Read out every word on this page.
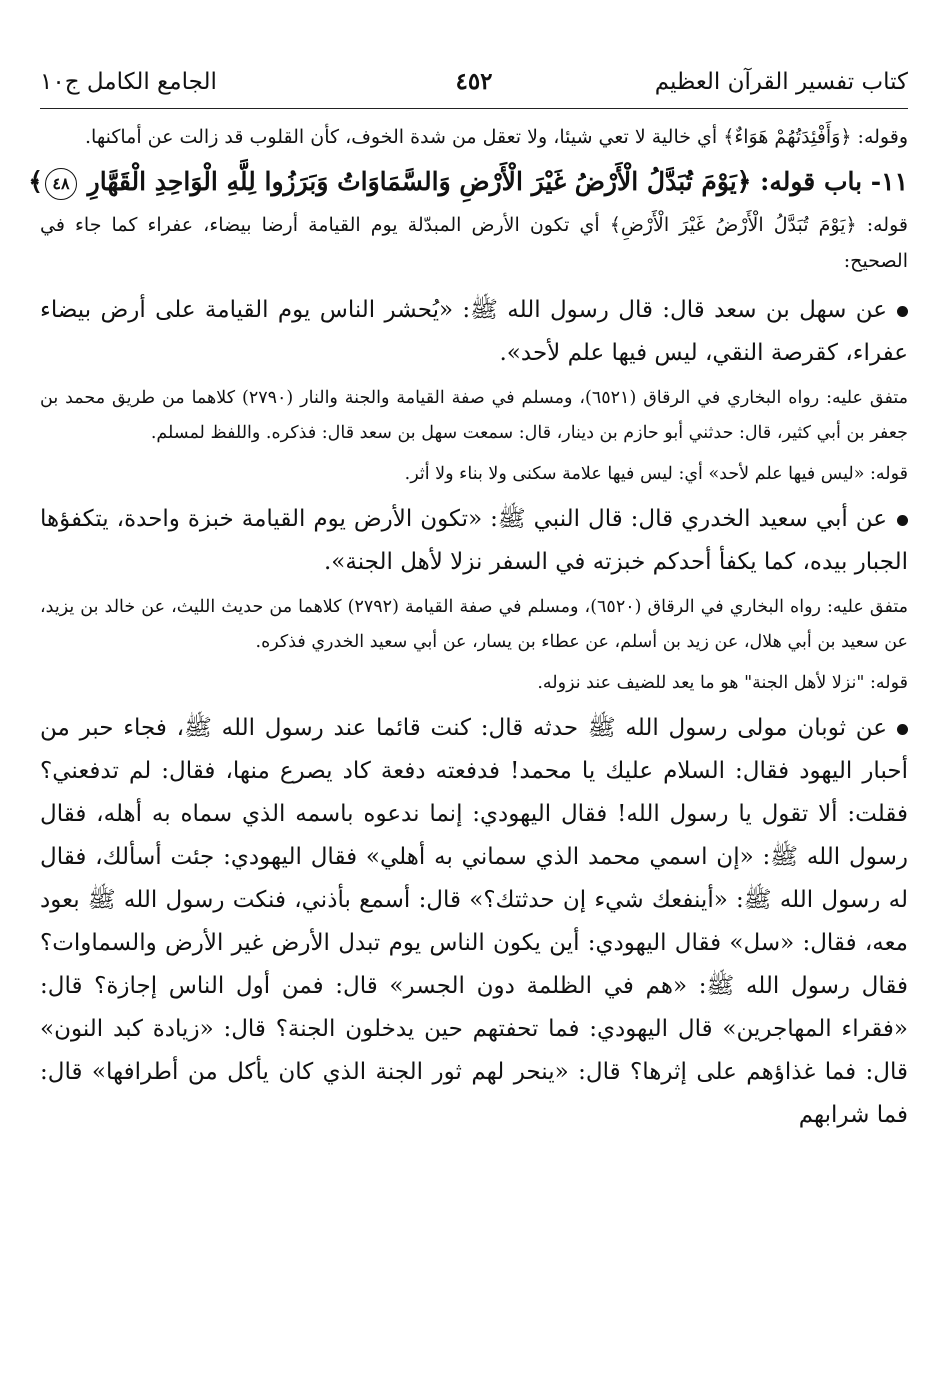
كتاب تفسير القرآن العظيم
٤٥٢
الجامع الكامل ج١٠

وقوله: ﴿وَأَفْئِدَتُهُمْ هَوَاءٌ﴾ أي خالية لا تعي شيئا، ولا تعقل من شدة الخوف، كأن القلوب قد زالت عن أماكنها.

١١- باب قوله: ﴿يَوْمَ تُبَدَّلُ الْأَرْضُ غَيْرَ الْأَرْضِ وَالسَّمَاوَاتُ وَبَرَزُوا لِلَّهِ الْوَاحِدِ الْقَهَّارِ ٤٨﴾

قوله: ﴿يَوْمَ تُبَدَّلُ الْأَرْضُ غَيْرَ الْأَرْضِ﴾ أي تكون الأرض المبدّلة يوم القيامة أرضا بيضاء، عفراء كما جاء في الصحيح:

عن سهل بن سعد قال: قال رسول الله ﷺ: «يُحشر الناس يوم القيامة على أرض بيضاء عفراء، كقرصة النقي، ليس فيها علم لأحد».

متفق عليه: رواه البخاري في الرقاق (٦٥٢١)، ومسلم في صفة القيامة والجنة والنار (٢٧٩٠) كلاهما من طريق محمد بن جعفر بن أبي كثير، قال: حدثني أبو حازم بن دينار، قال: سمعت سهل بن سعد قال: فذكره. واللفظ لمسلم.

قوله: «ليس فيها علم لأحد» أي: ليس فيها علامة سكنى ولا بناء ولا أثر.

عن أبي سعيد الخدري قال: قال النبي ﷺ: «تكون الأرض يوم القيامة خبزة واحدة، يتكفؤها الجبار بيده، كما يكفأ أحدكم خبزته في السفر نزلا لأهل الجنة».

متفق عليه: رواه البخاري في الرقاق (٦٥٢٠)، ومسلم في صفة القيامة (٢٧٩٢) كلاهما من حديث الليث، عن خالد بن يزيد، عن سعيد بن أبي هلال، عن زيد بن أسلم، عن عطاء بن يسار، عن أبي سعيد الخدري فذكره.

قوله: "نزلا لأهل الجنة" هو ما يعد للضيف عند نزوله.

عن ثوبان مولى رسول الله ﷺ حدثه قال: كنت قائما عند رسول الله ﷺ، فجاء حبر من أحبار اليهود فقال: السلام عليك يا محمد! فدفعته دفعة كاد يصرع منها، فقال: لم تدفعني؟ فقلت: ألا تقول يا رسول الله! فقال اليهودي: إنما ندعوه باسمه الذي سماه به أهله، فقال رسول الله ﷺ: «إن اسمي محمد الذي سماني به أهلي» فقال اليهودي: جئت أسألك، فقال له رسول الله ﷺ: «أينفعك شيء إن حدثتك؟» قال: أسمع بأذني، فنكت رسول الله ﷺ بعود معه، فقال: «سل» فقال اليهودي: أين يكون الناس يوم تبدل الأرض غير الأرض والسماوات؟ فقال رسول الله ﷺ: «هم في الظلمة دون الجسر» قال: فمن أول الناس إجازة؟ قال: «فقراء المهاجرين» قال اليهودي: فما تحفتهم حين يدخلون الجنة؟ قال: «زيادة كبد النون» قال: فما غذاؤهم على إثرها؟ قال: «ينحر لهم ثور الجنة الذي كان يأكل من أطرافها» قال: فما شرابهم
